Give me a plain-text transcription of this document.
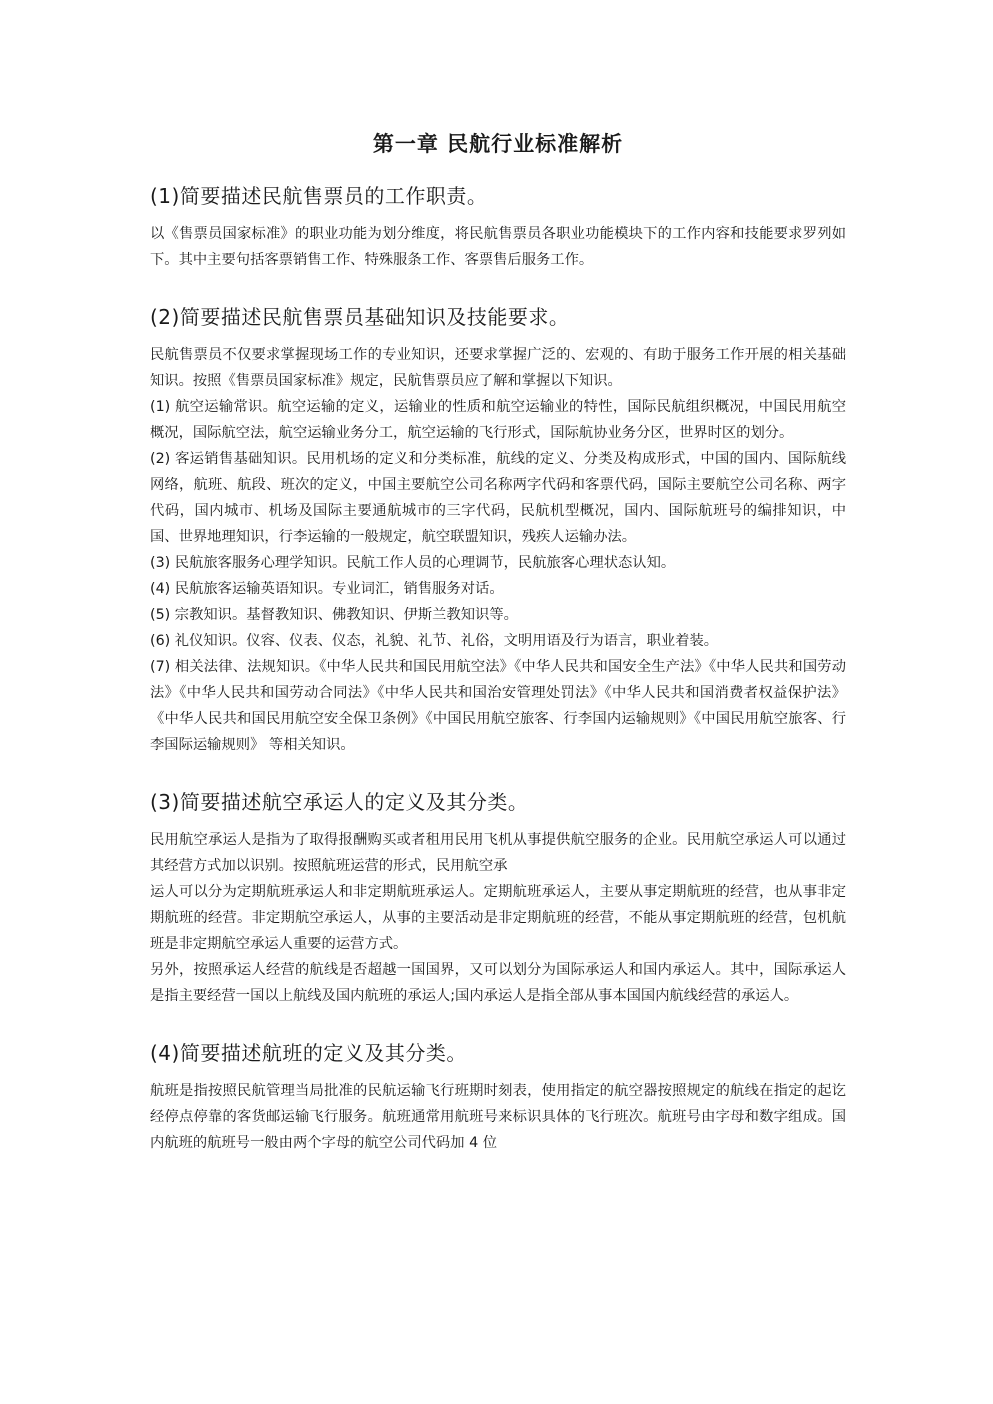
第一章 民航行业标准解析
(1)简要描述民航售票员的工作职责。

以《售票员国家标准》的职业功能为划分维度，将民航售票员各职业功能模块下的工作内容和技能要求罗列如下。其中主要句括客票销售工作、特殊服条工作、客票售后服务工作。

(2)简要描述民航售票员基础知识及技能要求。

民航售票员不仅要求掌握现场工作的专业知识，还要求掌握广泛的、宏观的、有助于服务工作开展的相关基础知识。按照《售票员国家标准》规定，民航售票员应了解和掌握以下知识。

(1) 航空运输常识。航空运输的定义，运输业的性质和航空运输业的特性，国际民航组织概况，中国民用航空概况，国际航空法，航空运输业务分工，航空运输的飞行形式，国际航协业务分区，世界时区的划分。

(2) 客运销售基础知识。民用机场的定义和分类标准，航线的定义、分类及构成形式，中国的国内、国际航线网络，航班、航段、班次的定义，中国主要航空公司名称两字代码和客票代码，国际主要航空公司名称、两字代码，国内城市、机场及国际主要通航城市的三字代码，民航机型概况，国内、国际航班号的编排知识，中国、世界地理知识，行李运输的一般规定，航空联盟知识，残疾人运输办法。

(3) 民航旅客服务心理学知识。民航工作人员的心理调节，民航旅客心理状态认知。

(4) 民航旅客运输英语知识。专业词汇，销售服务对话。

(5) 宗教知识。基督教知识、佛教知识、伊斯兰教知识等。

(6) 礼仪知识。仪容、仪表、仪态，礼貌、礼节、礼俗，文明用语及行为语言，职业着装。

(7) 相关法律、法规知识。《中华人民共和国民用航空法》《中华人民共和国安全生产法》《中华人民共和国劳动法》《中华人民共和国劳动合同法》《中华人民共和国治安管理处罚法》《中华人民共和国消费者权益保护法》《中华人民共和国民用航空安全保卫条例》《中国民用航空旅客、行李国内运输规则》《中国民用航空旅客、行李国际运输规则》 等相关知识。

(3)简要描述航空承运人的定义及其分类。

民用航空承运人是指为了取得报酬购买或者租用民用飞机从事提供航空服务的企业。民用航空承运人可以通过其经营方式加以识别。按照航班运营的形式，民用航空承

运人可以分为定期航班承运人和非定期航班承运人。定期航班承运人，主要从事定期航班的经营，也从事非定期航班的经营。非定期航空承运人，从事的主要活动是非定期航班的经营，不能从事定期航班的经营，包机航班是非定期航空承运人重要的运营方式。

另外，按照承运人经营的航线是否超越一国国界，又可以划分为国际承运人和国内承运人。其中，国际承运人是指主要经营一国以上航线及国内航班的承运人;国内承运人是指全部从事本国国内航线经营的承运人。

(4)简要描述航班的定义及其分类。

航班是指按照民航管理当局批准的民航运输飞行班期时刻表，使用指定的航空器按照规定的航线在指定的起讫经停点停靠的客货邮运输飞行服务。航班通常用航班号来标识具体的飞行班次。航班号由字母和数字组成。国内航班的航班号一般由两个字母的航空公司代码加 4 位
